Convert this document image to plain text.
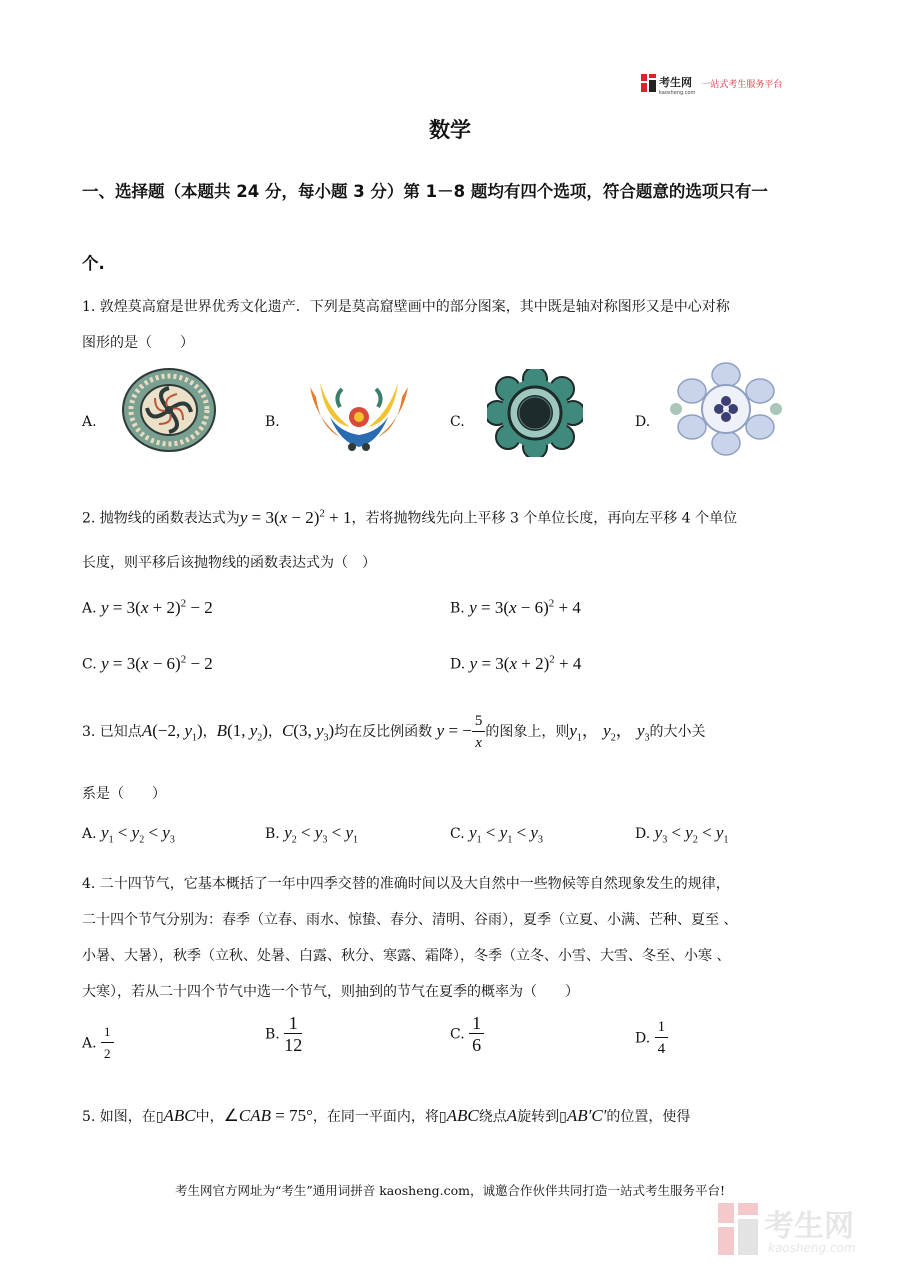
考生网
kaosheng.com
一站式考生服务平台
数学
一、选择题（本题共 24 分，每小题 3 分）第 1－8 题均有四个选项，符合题意的选项只有一
个.
1. 敦煌莫高窟是世界优秀文化遗产．下列是莫高窟壁画中的部分图案，其中既是轴对称图形又是中心对称
图形的是（　　）
A.	B.	C.	D.
2. 抛物线的函数表达式为$y = 3(x - 2)^2 + 1$，若将抛物线先向上平移 3 个单位长度，再向左平移 4 个单位
长度，则平移后该抛物线的函数表达式为（　）
A. $y = 3(x + 2)^2 - 2$	B. $y = 3(x - 6)^2 + 4$
C. $y = 3(x - 6)^2 - 2$	D. $y = 3(x + 2)^2 + 4$
3. 已知点A(−2, $y_1$)，B(1, $y_2$)，C(3, $y_3$)均在反比例函数 y = − $\frac{5}{x}$ 的图象上，则$y_1$， $y_2$， $y_3$的大小关
系是（　　）
A. $y_1 < y_2 < y_3$	B. $y_2 < y_3 < y_1$	C. $y_1 < y_1 < y_3$	D. $y_3 < y_2 < y_1$
4. 二十四节气，它基本概括了一年中四季交替的准确时间以及大自然中一些物候等自然现象发生的规律，
二十四个节气分别为：春季（立春、雨水、惊蛰、春分、清明、谷雨），夏季（立夏、小满、芒种、夏至 、
小暑、大暑），秋季（立秋、处暑、白露、秋分、寒露、霜降），冬季（立冬、小雪、大雪、冬至、小寒 、
大寒），若从二十四个节气中选一个节气，则抽到的节气在夏季的概率为（　　）
A. $\frac{1}{2}$	B. $\frac{1}{12}$	C. $\frac{1}{6}$	D. $\frac{1}{4}$
5. 如图，在▯ABC中，∠CAB = 75°，在同一平面内，将▯ABC绕点A旋转到▯AB′C′的位置，使得
考生网官方网址为“考生”通用词拼音 kaosheng.com，诚邀合作伙伴共同打造一站式考生服务平台!
考生网
kaosheng.com
